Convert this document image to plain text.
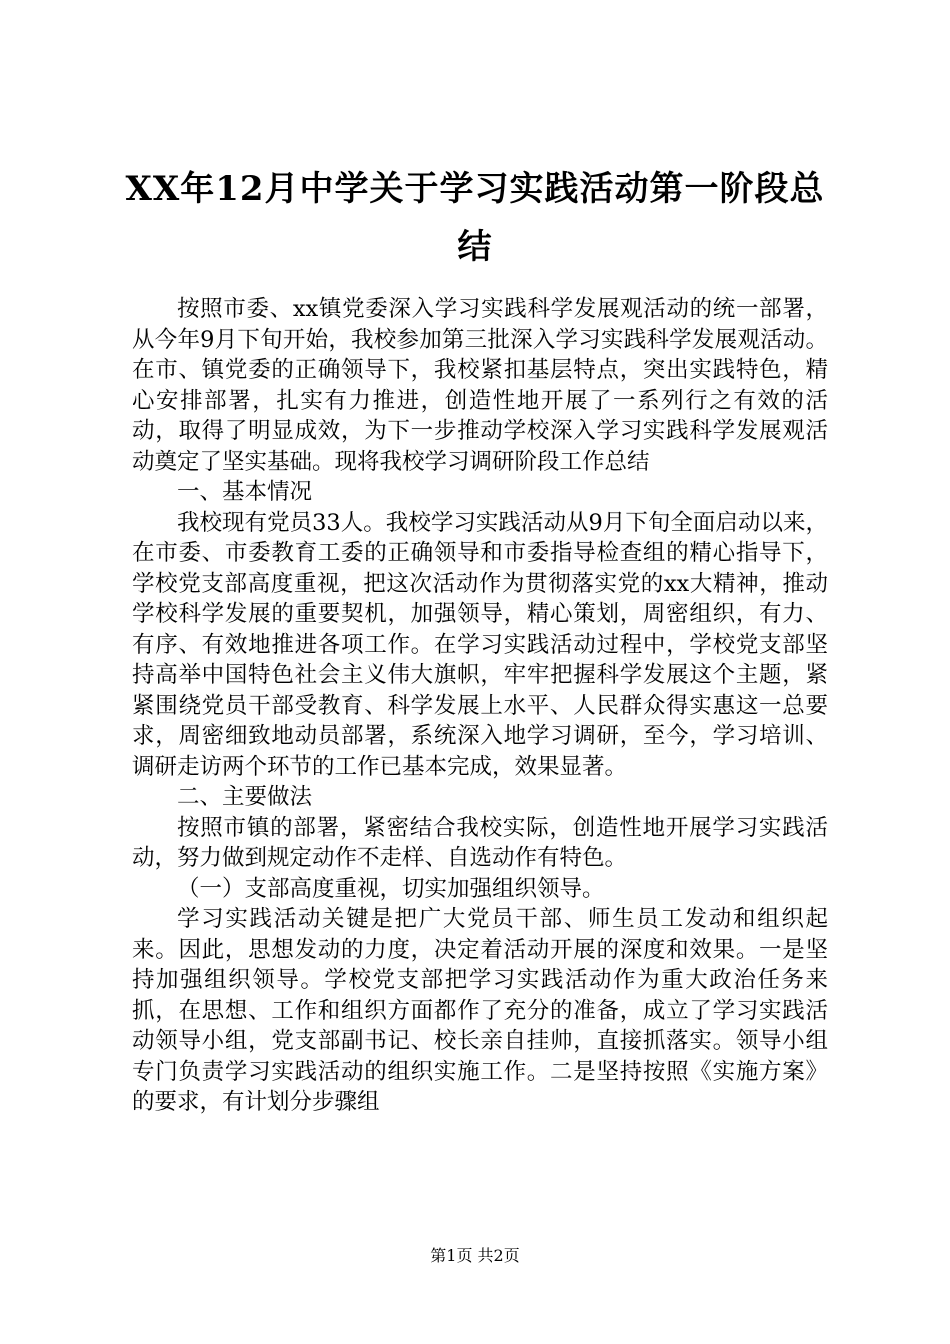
XX年12月中学关于学习实践活动第一阶段总结

按照市委、xx镇党委深入学习实践科学发展观活动的统一部署，从今年9月下旬开始，我校参加第三批深入学习实践科学发展观活动。在市、镇党委的正确领导下，我校紧扣基层特点，突出实践特色，精心安排部署，扎实有力推进，创造性地开展了一系列行之有效的活动，取得了明显成效，为下一步推动学校深入学习实践科学发展观活动奠定了坚实基础。现将我校学习调研阶段工作总结

一、基本情况

我校现有党员33人。我校学习实践活动从9月下旬全面启动以来，在市委、市委教育工委的正确领导和市委指导检查组的精心指导下，学校党支部高度重视，把这次活动作为贯彻落实党的xx大精神，推动学校科学发展的重要契机，加强领导，精心策划，周密组织，有力、有序、有效地推进各项工作。在学习实践活动过程中，学校党支部坚持高举中国特色社会主义伟大旗帜，牢牢把握科学发展这个主题，紧紧围绕党员干部受教育、科学发展上水平、人民群众得实惠这一总要求，周密细致地动员部署，系统深入地学习调研，至今，学习培训、调研走访两个环节的工作已基本完成，效果显著。

二、主要做法

按照市镇的部署，紧密结合我校实际，创造性地开展学习实践活动，努力做到规定动作不走样、自选动作有特色。

（一）支部高度重视，切实加强组织领导。

学习实践活动关键是把广大党员干部、师生员工发动和组织起来。因此，思想发动的力度，决定着活动开展的深度和效果。一是坚持加强组织领导。学校党支部把学习实践活动作为重大政治任务来抓，在思想、工作和组织方面都作了充分的准备，成立了学习实践活动领导小组，党支部副书记、校长亲自挂帅，直接抓落实。领导小组专门负责学习实践活动的组织实施工作。二是坚持按照《实施方案》的要求，有计划分步骤组

第1页 共2页
